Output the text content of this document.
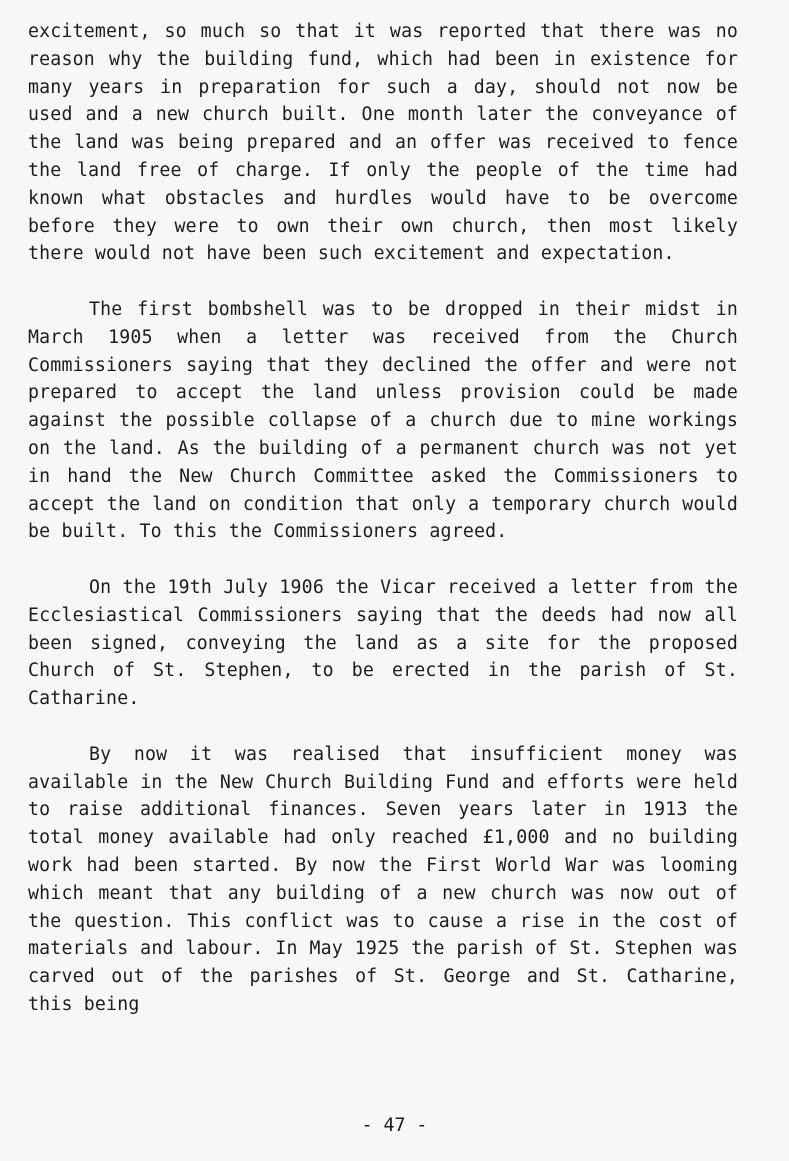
excitement, so much so that it was reported that there was no reason why the building fund, which had been in existence for many years in preparation for such a day, should not now be used and a new church built. One month later the conveyance of the land was being prepared and an offer was received to fence the land free of charge. If only the people of the time had known what obstacles and hurdles would have to be overcome before they were to own their own church, then most likely there would not have been such excitement and expectation.

The first bombshell was to be dropped in their midst in March 1905 when a letter was received from the Church Commissioners saying that they declined the offer and were not prepared to accept the land unless provision could be made against the possible collapse of a church due to mine workings on the land. As the building of a permanent church was not yet in hand the New Church Committee asked the Commissioners to accept the land on condition that only a temporary church would be built. To this the Commissioners agreed.

On the 19th July 1906 the Vicar received a letter from the Ecclesiastical Commissioners saying that the deeds had now all been signed, conveying the land as a site for the proposed Church of St. Stephen, to be erected in the parish of St. Catharine.

By now it was realised that insufficient money was available in the New Church Building Fund and efforts were held to raise additional finances. Seven years later in 1913 the total money available had only reached £1,000 and no building work had been started. By now the First World War was looming which meant that any building of a new church was now out of the question. This conflict was to cause a rise in the cost of materials and labour. In May 1925 the parish of St. Stephen was carved out of the parishes of St. George and St. Catharine, this being

- 47 -
